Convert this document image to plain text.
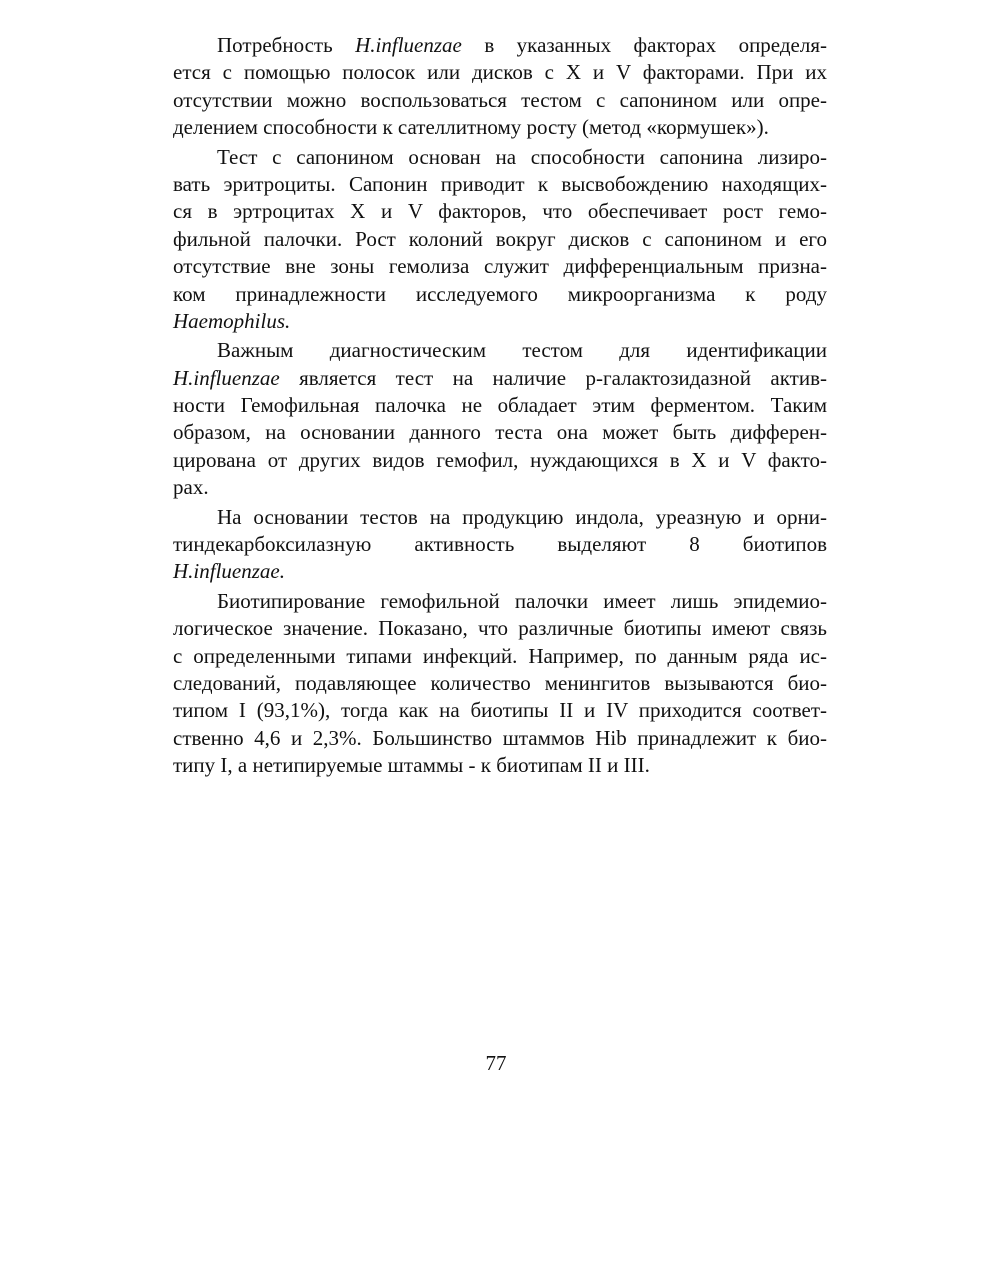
Потребность H.influenzae в указанных факторах определя-
ется с помощью полосок или дисков с X и V факторами. При их
отсутствии можно воспользоваться тестом с сапонином или опре-
делением способности к сателлитному росту (метод «кормушек»).
Тест с сапонином основан на способности сапонина лизиро-
вать эритроциты. Сапонин приводит к высвобождению находящих-
ся в эртроцитах X и V факторов, что обеспечивает рост гемо-
фильной палочки. Рост колоний вокруг дисков с сапонином и его
отсутствие вне зоны гемолиза служит дифференциальным призна-
ком принадлежности исследуемого микроорганизма к роду
Haemophilus.
Важным диагностическим тестом для идентификации
H.influenzae является тест на наличие р-галактозидазной актив-
ности Гемофильная палочка не обладает этим ферментом. Таким
образом, на основании данного теста она может быть дифферен-
цирована от других видов гемофил, нуждающихся в X и V факто-
рах.
На основании тестов на продукцию индола, уреазную и орни-
тиндекарбоксилазную активность выделяют 8 биотипов
H.influenzae.
Биотипирование гемофильной палочки имеет лишь эпидемио-
логическое значение. Показано, что различные биотипы имеют связь
с определенными типами инфекций. Например, по данным ряда ис-
следований, подавляющее количество менингитов вызываются био-
типом I (93,1%), тогда как на биотипы II и IV приходится соответ-
ственно 4,6 и 2,3%. Большинство штаммов Hib принадлежит к био-
типу I, а нетипируемые штаммы - к биотипам II и III.
77
